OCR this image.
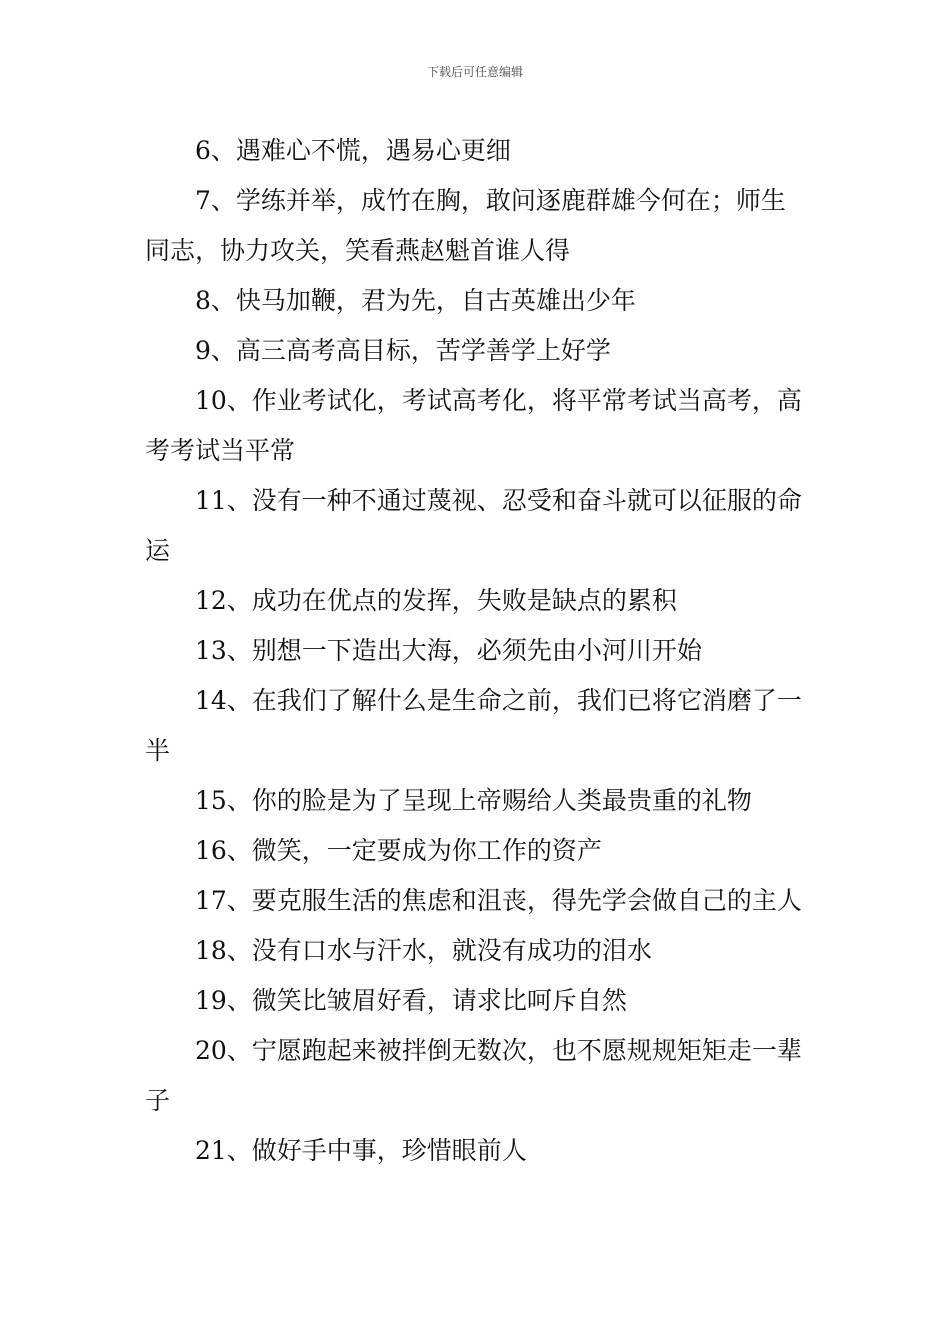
下载后可任意编辑

6、遇难心不慌，遇易心更细

7、学练并举，成竹在胸，敢问逐鹿群雄今何在；师生同志，协力攻关，笑看燕赵魁首谁人得

8、快马加鞭，君为先，自古英雄出少年

9、高三高考高目标，苦学善学上好学

10、作业考试化，考试高考化，将平常考试当高考，高考考试当平常

11、没有一种不通过蔑视、忍受和奋斗就可以征服的命运

12、成功在优点的发挥，失败是缺点的累积

13、别想一下造出大海，必须先由小河川开始

14、在我们了解什么是生命之前，我们已将它消磨了一半

15、你的脸是为了呈现上帝赐给人类最贵重的礼物

16、微笑，一定要成为你工作的资产

17、要克服生活的焦虑和沮丧，得先学会做自己的主人

18、没有口水与汗水，就没有成功的泪水

19、微笑比皱眉好看，请求比呵斥自然

20、宁愿跑起来被拌倒无数次，也不愿规规矩矩走一辈子

21、做好手中事，珍惜眼前人
